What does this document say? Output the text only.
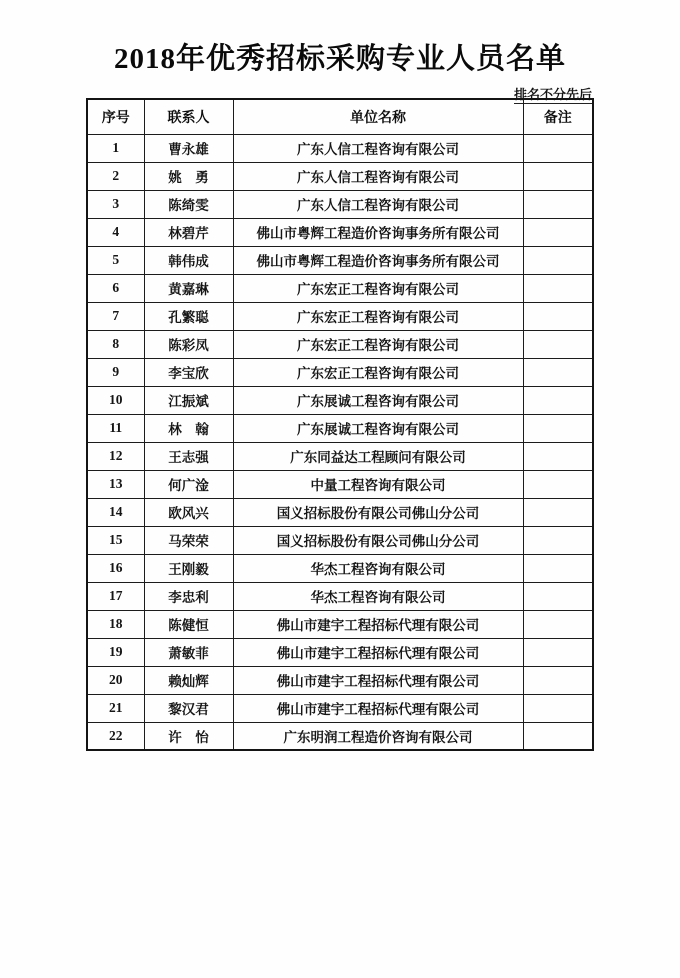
2018年优秀招标采购专业人员名单
排名不分先后
序号	联系人	单位名称	备注
1	曹永雄	广东人信工程咨询有限公司	
2	姚　勇	广东人信工程咨询有限公司	
3	陈绮雯	广东人信工程咨询有限公司	
4	林碧芹	佛山市粤辉工程造价咨询事务所有限公司	
5	韩伟成	佛山市粤辉工程造价咨询事务所有限公司	
6	黄嘉琳	广东宏正工程咨询有限公司	
7	孔繁聪	广东宏正工程咨询有限公司	
8	陈彩凤	广东宏正工程咨询有限公司	
9	李宝欣	广东宏正工程咨询有限公司	
10	江振斌	广东展诚工程咨询有限公司	
11	林　翰	广东展诚工程咨询有限公司	
12	王志强	广东同益达工程顾问有限公司	
13	何广淦	中量工程咨询有限公司	
14	欧风兴	国义招标股份有限公司佛山分公司	
15	马荣荣	国义招标股份有限公司佛山分公司	
16	王刚毅	华杰工程咨询有限公司	
17	李忠利	华杰工程咨询有限公司	
18	陈健恒	佛山市建宇工程招标代理有限公司	
19	萧敏菲	佛山市建宇工程招标代理有限公司	
20	赖灿辉	佛山市建宇工程招标代理有限公司	
21	黎汉君	佛山市建宇工程招标代理有限公司	
22	许　怡	广东明润工程造价咨询有限公司	
